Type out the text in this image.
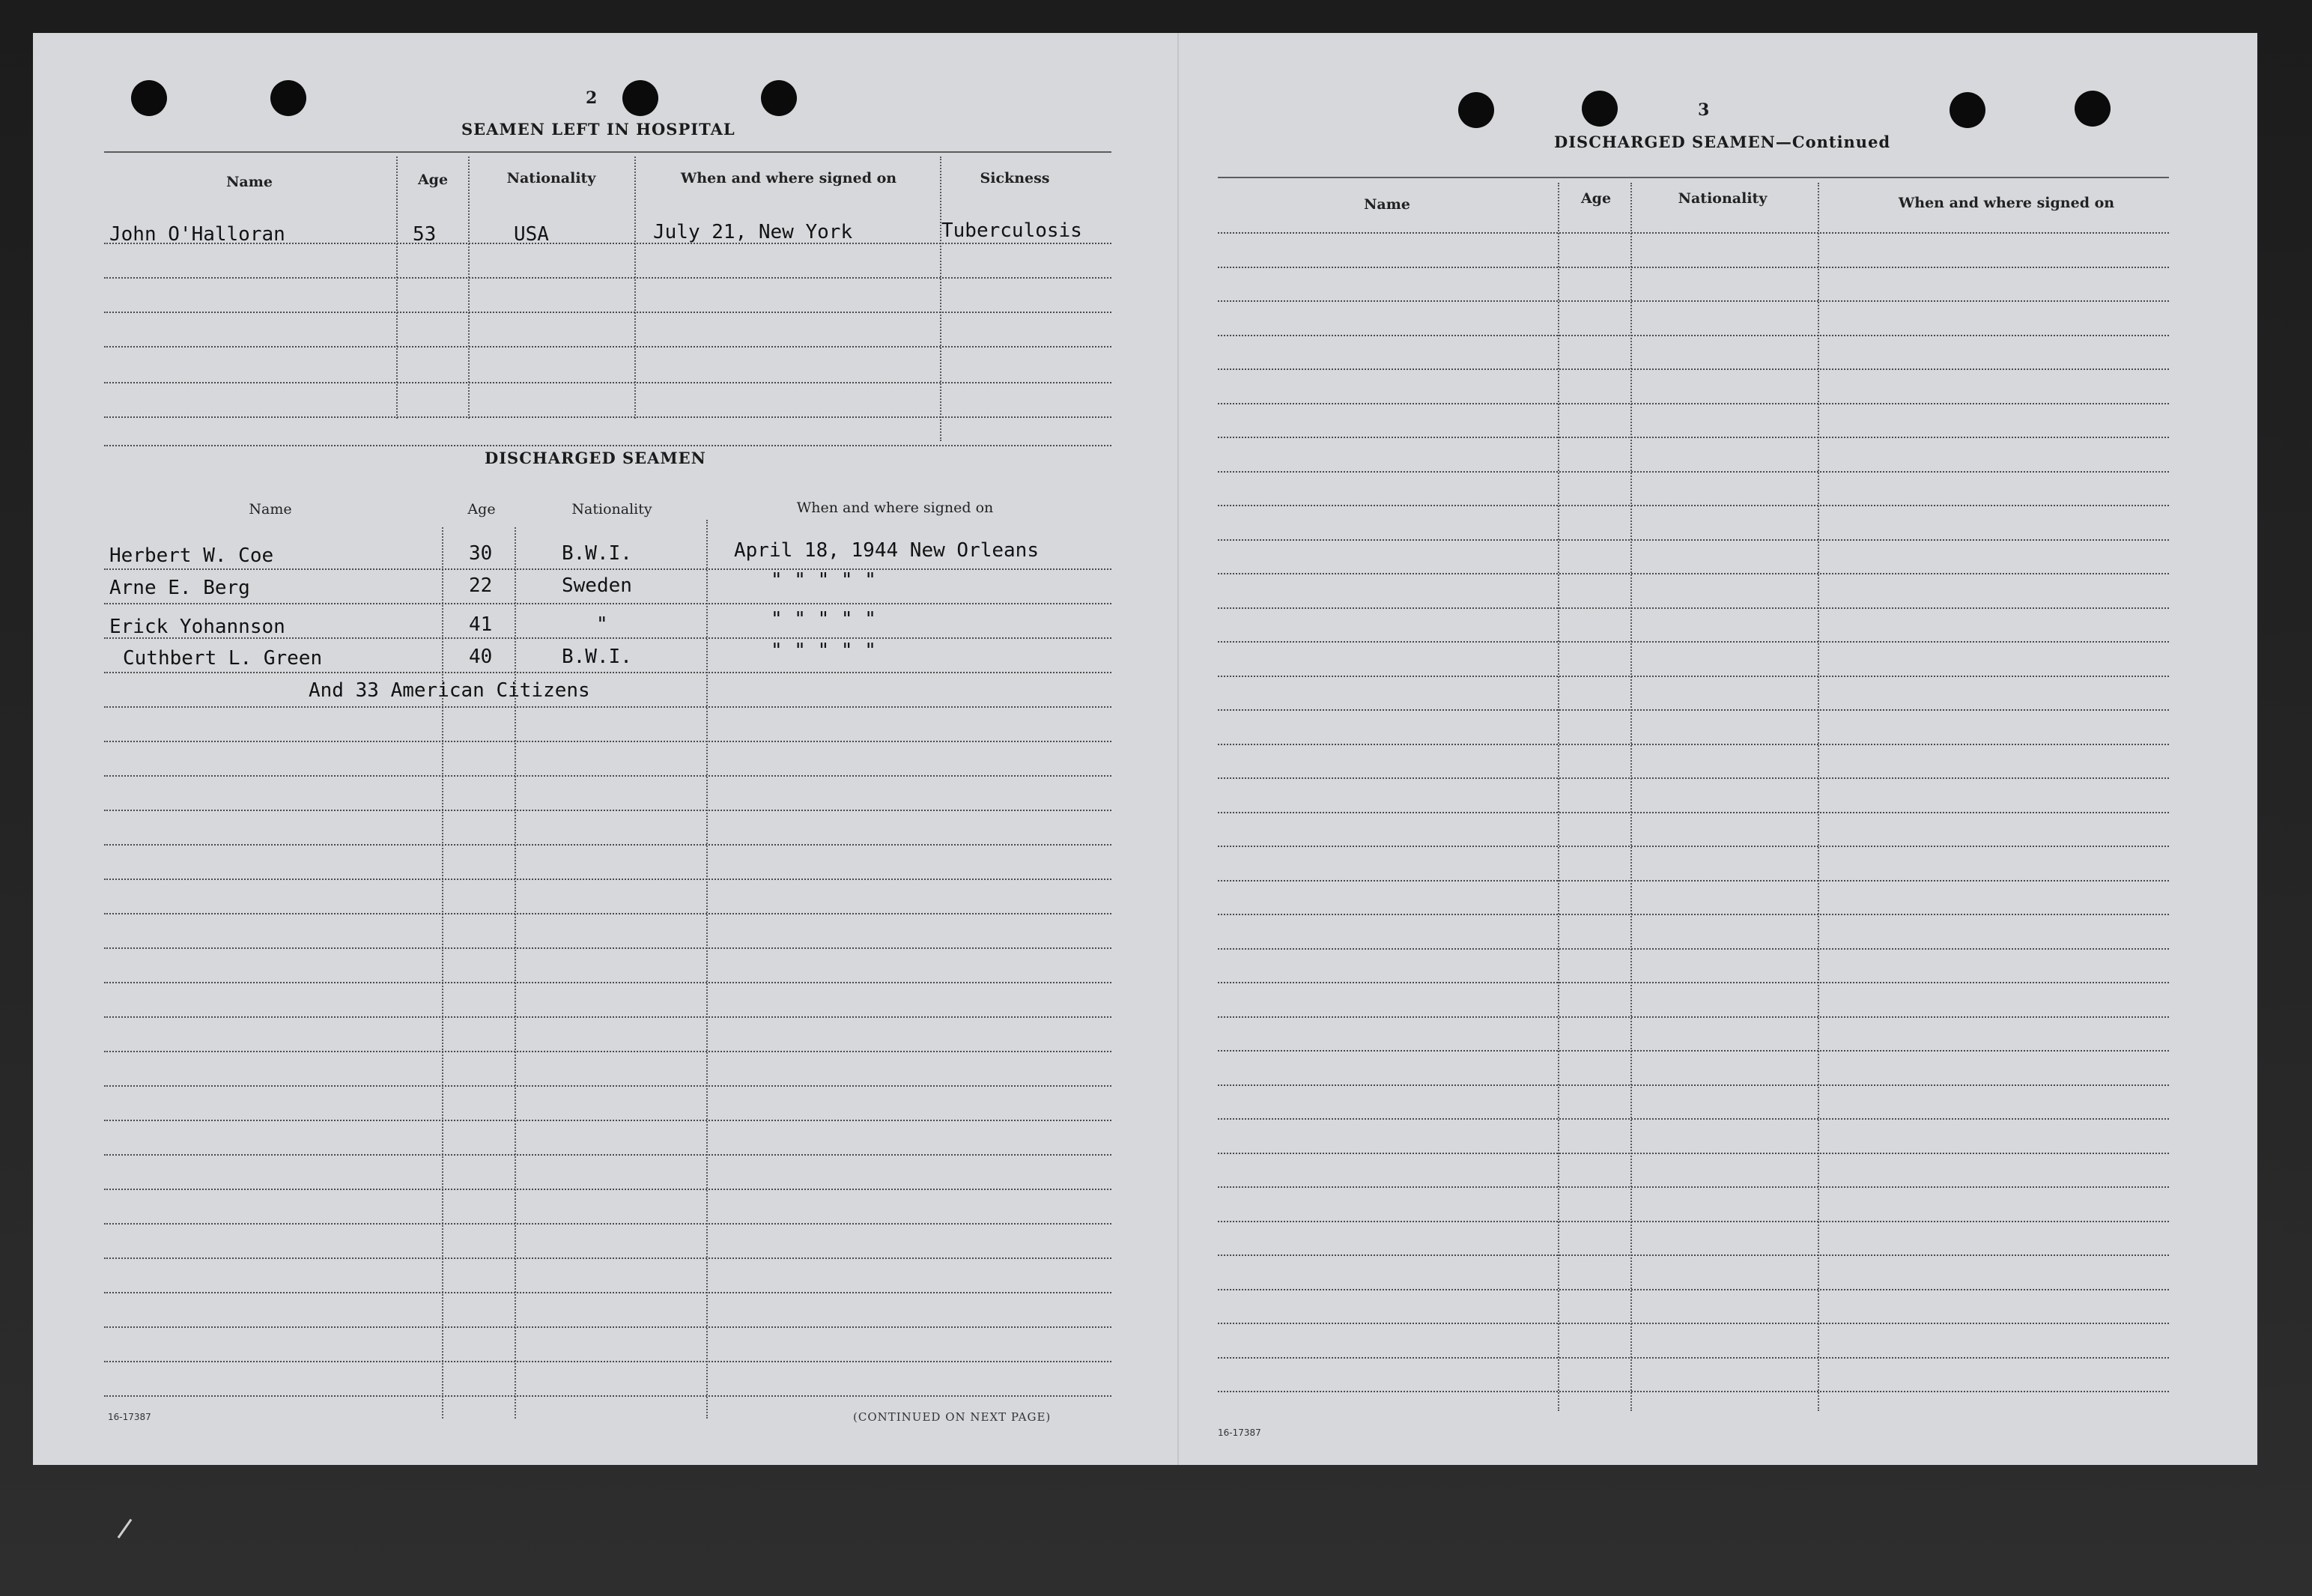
2
SEAMEN LEFT IN HOSPITAL
Name	Age	Nationality	When and where signed on	Sickness
John O'Halloran	53	USA	July 21, New York	Tuberculosis
DISCHARGED SEAMEN
Name	Age	Nationality	When and where signed on
Herbert W. Coe	30	B.W.I.	April 18, 1944 New Orleans
Arne E. Berg	22	Sweden	" " " " "
Erick Yohannson	41	"	" " " " "
Cuthbert L. Green	40	B.W.I.	" " " " "
And 33 American Citizens
16-17387	(CONTINUED ON NEXT PAGE)
3
DISCHARGED SEAMEN—Continued
Name	Age	Nationality	When and where signed on
16-17387
